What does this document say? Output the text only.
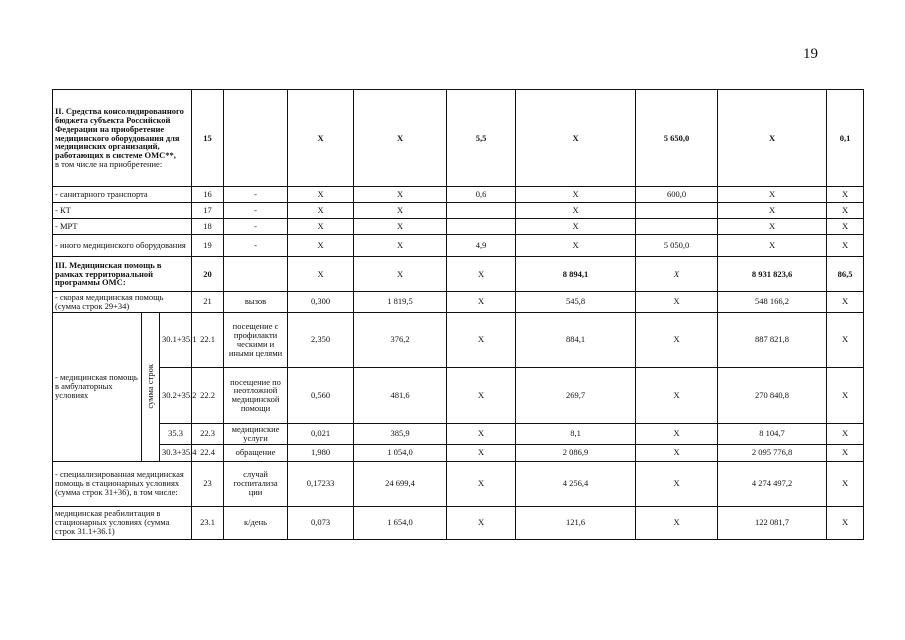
19
II. Средства консолидированного бюджета субъекта Российской Федерации на приобретение медицинского оборудования для медицинских организаций, работающих в системе ОМС**,
в том числе на приобретение:			15		X	X	5,5	X	5 650,0	X	0,1
- санитарного транспорта			16	-	X	X	0,6	X	600,0	X	X
- КТ			17	-	X	X		X		X	X
- МРТ			18	-	X	X		X		X	X
- иного медицинского оборудования			19	-	X	X	4,9	X	5 050,0	X	X
III. Медицинская помощь в рамках территориальной программы ОМС:			20		X	X	X	8 894,1	X	8 931 823,6	86,5
- скорая медицинская помощь (сумма строк 29+34)			21	вызов	0,300	1 819,5	X	545,8	X	548 166,2	X
- медицинская помощь в амбулаторных условиях	сумма строк	30.1+35.1	22.1	посещение с профилакти ческими и иными целями	2,350	376,2	X	884,1	X	887 821,8	X
		30.2+35.2	22.2	посещение по неотложной медицинской помощи	0,560	481,6	X	269,7	X	270 840,8	X
		35.3	22.3	медицинские услуги	0,021	385,9	X	8,1	X	8 104,7	X
		30.3+35.4	22.4	обращение	1,980	1 054,0	X	2 086,9	X	2 095 776,8	X
- специализированная медицинская помощь в стационарных условиях (сумма строк 31+36), в том числе:			23	случай госпитализа ции	0,17233	24 699,4	X	4 256,4	X	4 274 497,2	X
медицинская реабилитация в стационарных условиях (сумма строк 31.1+36.1)			23.1	к/день	0,073	1 654,0	X	121,6	X	122 081,7	X
